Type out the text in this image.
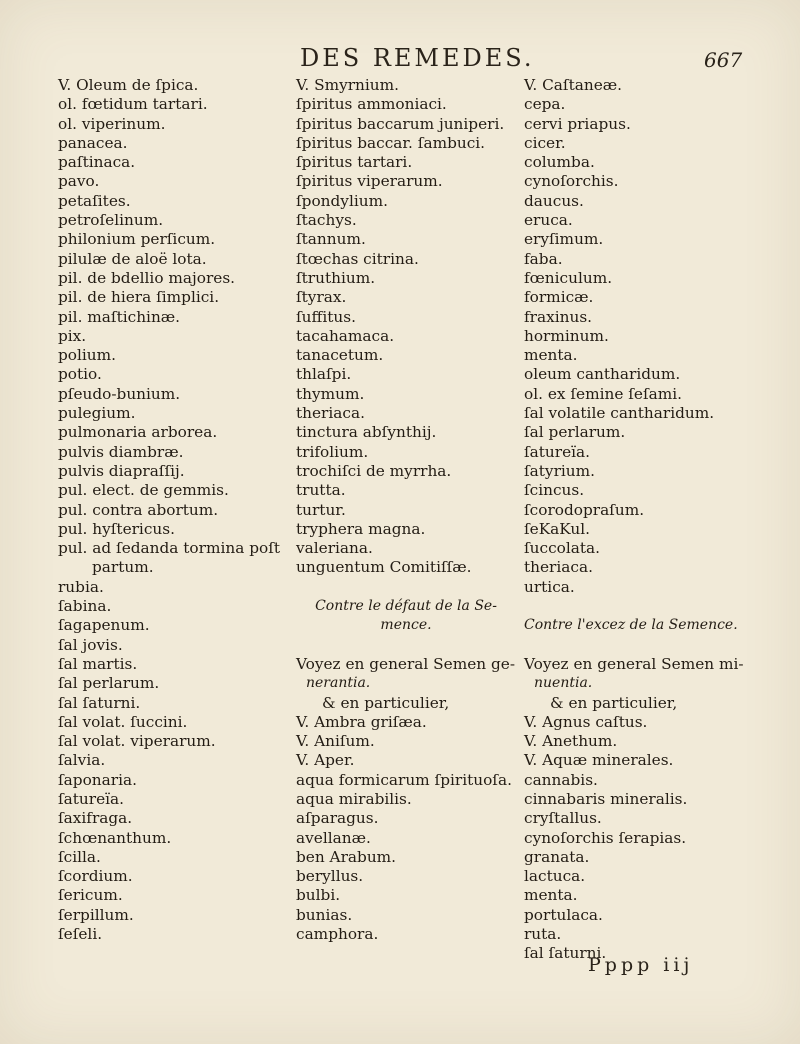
DES REMEDES.	667
V. Oleum de ſpica.
ol. fœtidum tartari.
ol. viperinum.
panacea.
paſtinaca.
pavo.
petaſites.
petroſelinum.
philonium perſicum.
pilulæ de aloë lota.
pil. de bdellio majores.
pil. de hiera ſimplici.
pil. maſtichinæ.
pix.
polium.
potio.
pſeudo-bunium.
pulegium.
pulmonaria arborea.
pulvis diambræ.
pulvis diapraſſij.
pul. elect. de gemmis.
pul. contra abortum.
pul. hyſtericus.
pul. ad ſedanda tormina poſt
partum.
rubia.
ſabina.
ſagapenum.
ſal jovis.
ſal martis.
ſal perlarum.
ſal ſaturni.
ſal volat. ſuccini.
ſal volat. viperarum.
ſalvia.
ſaponaria.
ſatureïa.
ſaxifraga.
ſchœnanthum.
ſcilla.
ſcordium.
ſericum.
ſerpillum.
ſeſeli.
V. Smyrnium.
ſpiritus ammoniaci.
ſpiritus baccarum juniperi.
ſpiritus baccar. ſambuci.
ſpiritus tartari.
ſpiritus viperarum.
ſpondylium.
ſtachys.
ſtannum.
ſtœchas citrina.
ſtruthium.
ſtyrax.
ſuffitus.
tacahamaca.
tanacetum.
thlaſpi.
thymum.
theriaca.
tinctura abſynthij.
trifolium.
trochiſci de myrrha.
trutta.
turtur.
tryphera magna.
valeriana.
unguentum Comitiſſæ.
Contre le défaut de la Se-
mence.
Voyez en general Semen ge-
nerantia.
& en particulier,
V. Ambra griſæa.
V. Aniſum.
V. Aper.
aqua formicarum ſpirituoſa.
aqua mirabilis.
aſparagus.
avellanæ.
ben Arabum.
beryllus.
bulbi.
bunias.
camphora.
V. Caſtaneæ.
cepa.
cervi priapus.
cicer.
columba.
cynoſorchis.
daucus.
eruca.
eryſimum.
faba.
fœniculum.
formicæ.
fraxinus.
horminum.
menta.
oleum cantharidum.
ol. ex ſemine ſeſami.
ſal volatile cantharidum.
ſal perlarum.
ſatureïa.
ſatyrium.
ſcincus.
ſcorodopraſum.
ſeKaKul.
ſuccolata.
theriaca.
urtica.
Contre l'excez de la Semence.
Voyez en general Semen mi-
nuentia.
& en particulier,
V. Agnus caſtus.
V. Anethum.
V. Aquæ minerales.
cannabis.
cinnabaris mineralis.
cryſtallus.
cynoſorchis ſerapias.
granata.
lactuca.
menta.
portulaca.
ruta.
ſal ſaturni.
Pppp iij
